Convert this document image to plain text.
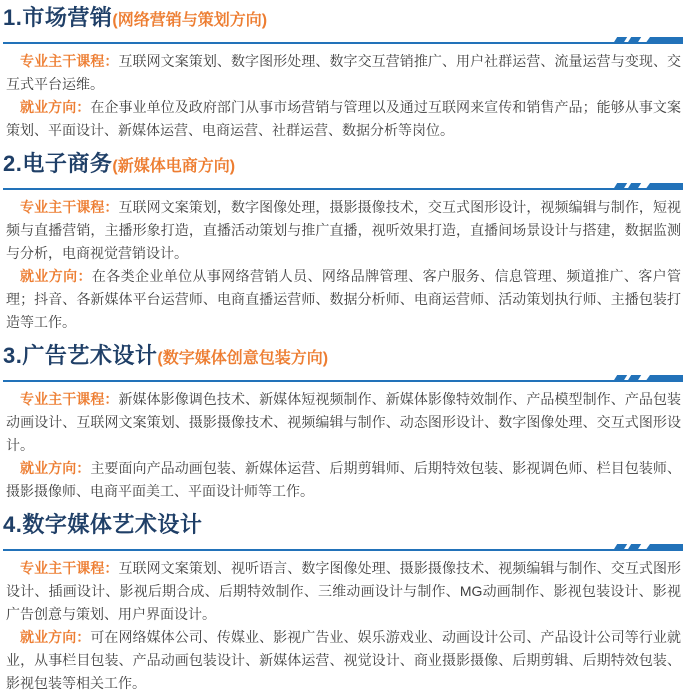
1.市场营销(网络营销与策划方向)

专业主干课程：互联网文案策划、数字图形处理、数字交互营销推广、用户社群运营、流量运营与变现、交互式平台运维。

就业方向：在企事业单位及政府部门从事市场营销与管理以及通过互联网来宣传和销售产品；能够从事文案策划、平面设计、新媒体运营、电商运营、社群运营、数据分析等岗位。

2.电子商务(新媒体电商方向)

专业主干课程：互联网文案策划，数字图像处理，摄影摄像技术，交互式图形设计，视频编辑与制作，短视频与直播营销，主播形象打造，直播活动策划与推广直播，视听效果打造，直播间场景设计与搭建，数据监测与分析，电商视觉营销设计。

就业方向：在各类企业单位从事网络营销人员、网络品牌管理、客户服务、信息管理、频道推广、客户管理；抖音、各新媒体平台运营师、电商直播运营师、数据分析师、电商运营师、活动策划执行师、主播包装打造等工作。

3.广告艺术设计(数字媒体创意包装方向)

专业主干课程：新媒体影像调色技术、新媒体短视频制作、新媒体影像特效制作、产品模型制作、产品包装动画设计、互联网文案策划、摄影摄像技术、视频编辑与制作、动态图形设计、数字图像处理、交互式图形设计。

就业方向：主要面向产品动画包装、新媒体运营、后期剪辑师、后期特效包装、影视调色师、栏目包装师、摄影摄像师、电商平面美工、平面设计师等工作。

4.数字媒体艺术设计

专业主干课程：互联网文案策划、视听语言、数字图像处理、摄影摄像技术、视频编辑与制作、交互式图形设计、插画设计、影视后期合成、后期特效制作、三维动画设计与制作、MG动画制作、影视包装设计、影视广告创意与策划、用户界面设计。

就业方向：可在网络媒体公司、传媒业、影视广告业、娱乐游戏业、动画设计公司、产品设计公司等行业就业，从事栏目包装、产品动画包装设计、新媒体运营、视觉设计、商业摄影摄像、后期剪辑、后期特效包装、影视包装等相关工作。
